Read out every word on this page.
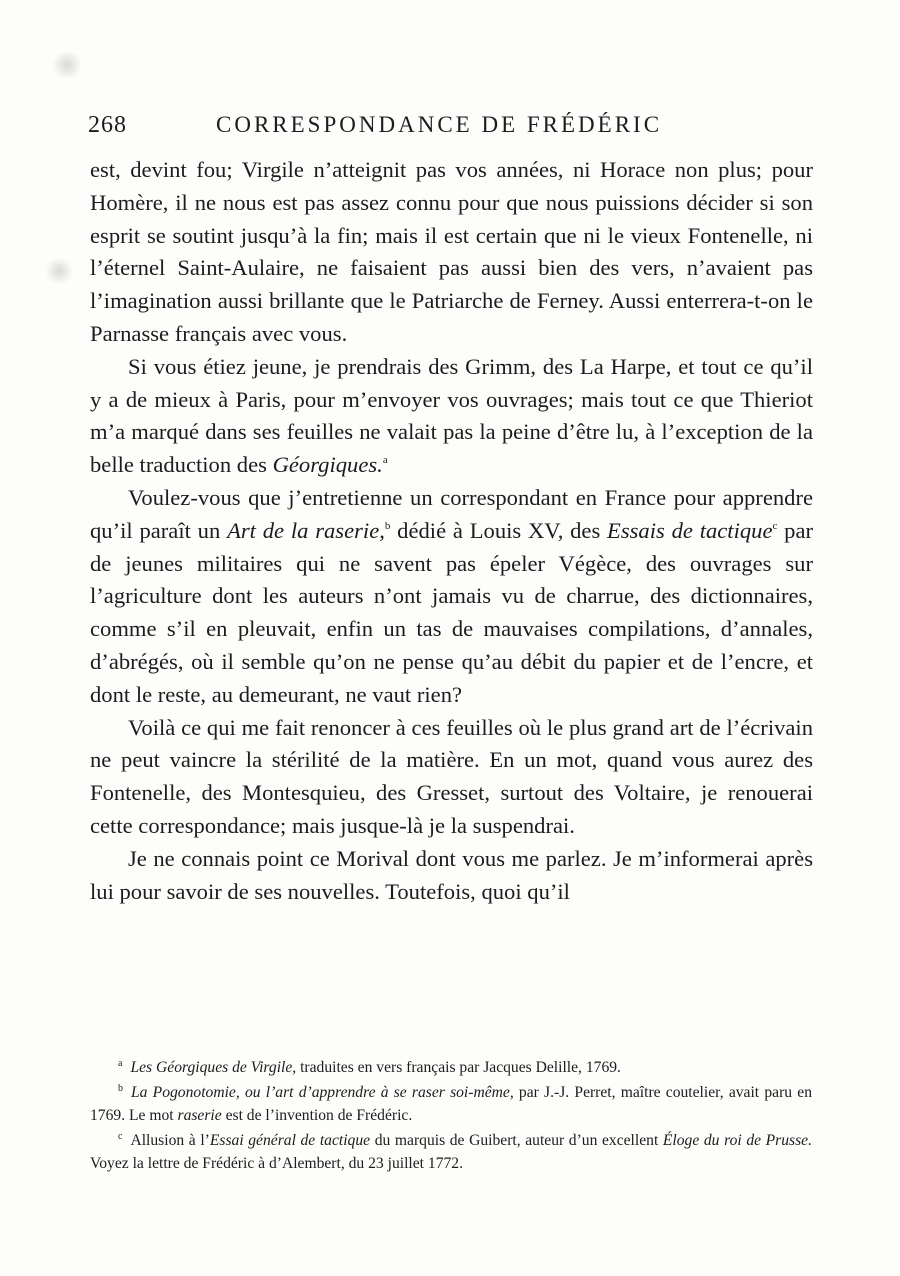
268	CORRESPONDANCE DE FRÉDÉRIC

est, devint fou; Virgile n’atteignit pas vos années, ni Horace non plus; pour Homère, il ne nous est pas assez connu pour que nous puissions décider si son esprit se soutint jusqu’à la fin; mais il est certain que ni le vieux Fontenelle, ni l’éternel Saint-Aulaire, ne faisaient pas aussi bien des vers, n’avaient pas l’imagination aussi brillante que le Patriarche de Ferney. Aussi enterrera-t-on le Parnasse français avec vous.

Si vous étiez jeune, je prendrais des Grimm, des La Harpe, et tout ce qu’il y a de mieux à Paris, pour m’envoyer vos ouvrages; mais tout ce que Thieriot m’a marqué dans ses feuilles ne valait pas la peine d’être lu, à l’exception de la belle traduction des Géorgiques.$^a$

Voulez-vous que j’entretienne un correspondant en France pour apprendre qu’il paraît un Art de la raserie,$^b$ dédié à Louis XV, des Essais de tactique$^c$ par de jeunes militaires qui ne savent pas épeler Végèce, des ouvrages sur l’agriculture dont les auteurs n’ont jamais vu de charrue, des dictionnaires, comme s’il en pleuvait, enfin un tas de mauvaises compilations, d’annales, d’abrégés, où il semble qu’on ne pense qu’au débit du papier et de l’encre, et dont le reste, au demeurant, ne vaut rien?

Voilà ce qui me fait renoncer à ces feuilles où le plus grand art de l’écrivain ne peut vaincre la stérilité de la matière. En un mot, quand vous aurez des Fontenelle, des Montesquieu, des Gresset, surtout des Voltaire, je renouerai cette correspondance; mais jusque-là je la suspendrai.

Je ne connais point ce Morival dont vous me parlez. Je m’informerai après lui pour savoir de ses nouvelles. Toutefois, quoi qu’il

$^a$ Les Géorgiques de Virgile, traduites en vers français par Jacques Delille, 1769.

$^b$ La Pogonotomie, ou l’art d’apprendre à se raser soi-même, par J.-J. Perret, maître coutelier, avait paru en 1769. Le mot raserie est de l’invention de Frédéric.

$^c$ Allusion à l’Essai général de tactique du marquis de Guibert, auteur d’un excellent Éloge du roi de Prusse. Voyez la lettre de Frédéric à d’Alembert, du 23 juillet 1772.
